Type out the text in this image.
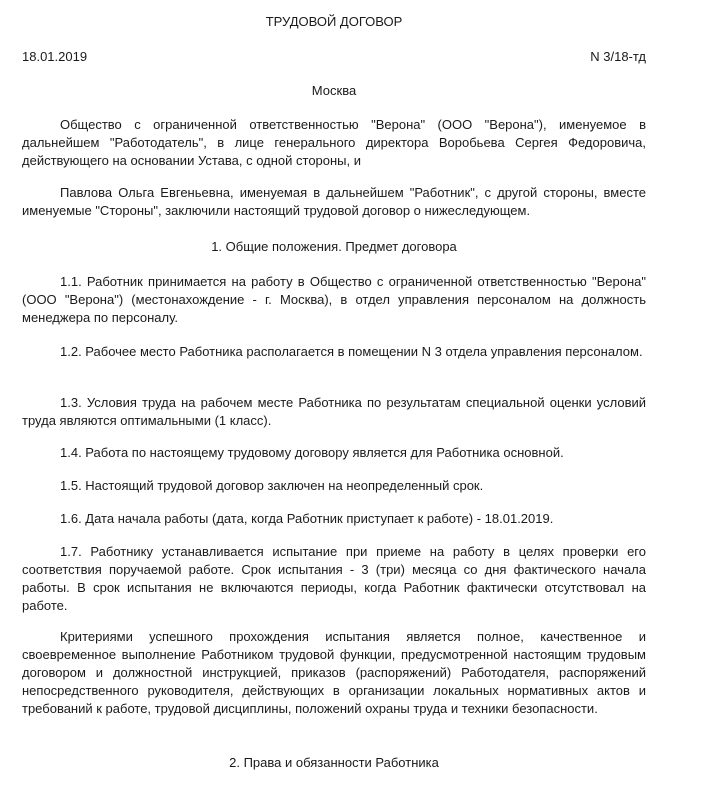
ТРУДОВОЙ ДОГОВОР
18.01.2019	N 3/18-тд
Москва

Общество с ограниченной ответственностью "Верона" (ООО "Верона"), именуемое в дальнейшем "Работодатель", в лице генерального директора Воробьева Сергея Федоровича, действующего на основании Устава, с одной стороны, и

Павлова Ольга Евгеньевна, именуемая в дальнейшем "Работник", с другой стороны, вместе именуемые "Стороны", заключили настоящий трудовой договор о нижеследующем.

1. Общие положения. Предмет договора

1.1. Работник принимается на работу в Общество с ограниченной ответственностью "Верона" (ООО "Верона") (местонахождение - г. Москва), в отдел управления персоналом на должность менеджера по персоналу.

1.2. Рабочее место Работника располагается в помещении N 3 отдела управления персоналом.

1.3. Условия труда на рабочем месте Работника по результатам специальной оценки условий труда являются оптимальными (1 класс).

1.4. Работа по настоящему трудовому договору является для Работника основной.

1.5. Настоящий трудовой договор заключен на неопределенный срок.

1.6. Дата начала работы (дата, когда Работник приступает к работе) - 18.01.2019.

1.7. Работнику устанавливается испытание при приеме на работу в целях проверки его соответствия поручаемой работе. Срок испытания - 3 (три) месяца со дня фактического начала работы. В срок испытания не включаются периоды, когда Работник фактически отсутствовал на работе.

Критериями успешного прохождения испытания является полное, качественное и своевременное выполнение Работником трудовой функции, предусмотренной настоящим трудовым договором и должностной инструкцией, приказов (распоряжений) Работодателя, распоряжений непосредственного руководителя, действующих в организации локальных нормативных актов и требований к работе, трудовой дисциплины, положений охраны труда и техники безопасности.

2. Права и обязанности Работника
